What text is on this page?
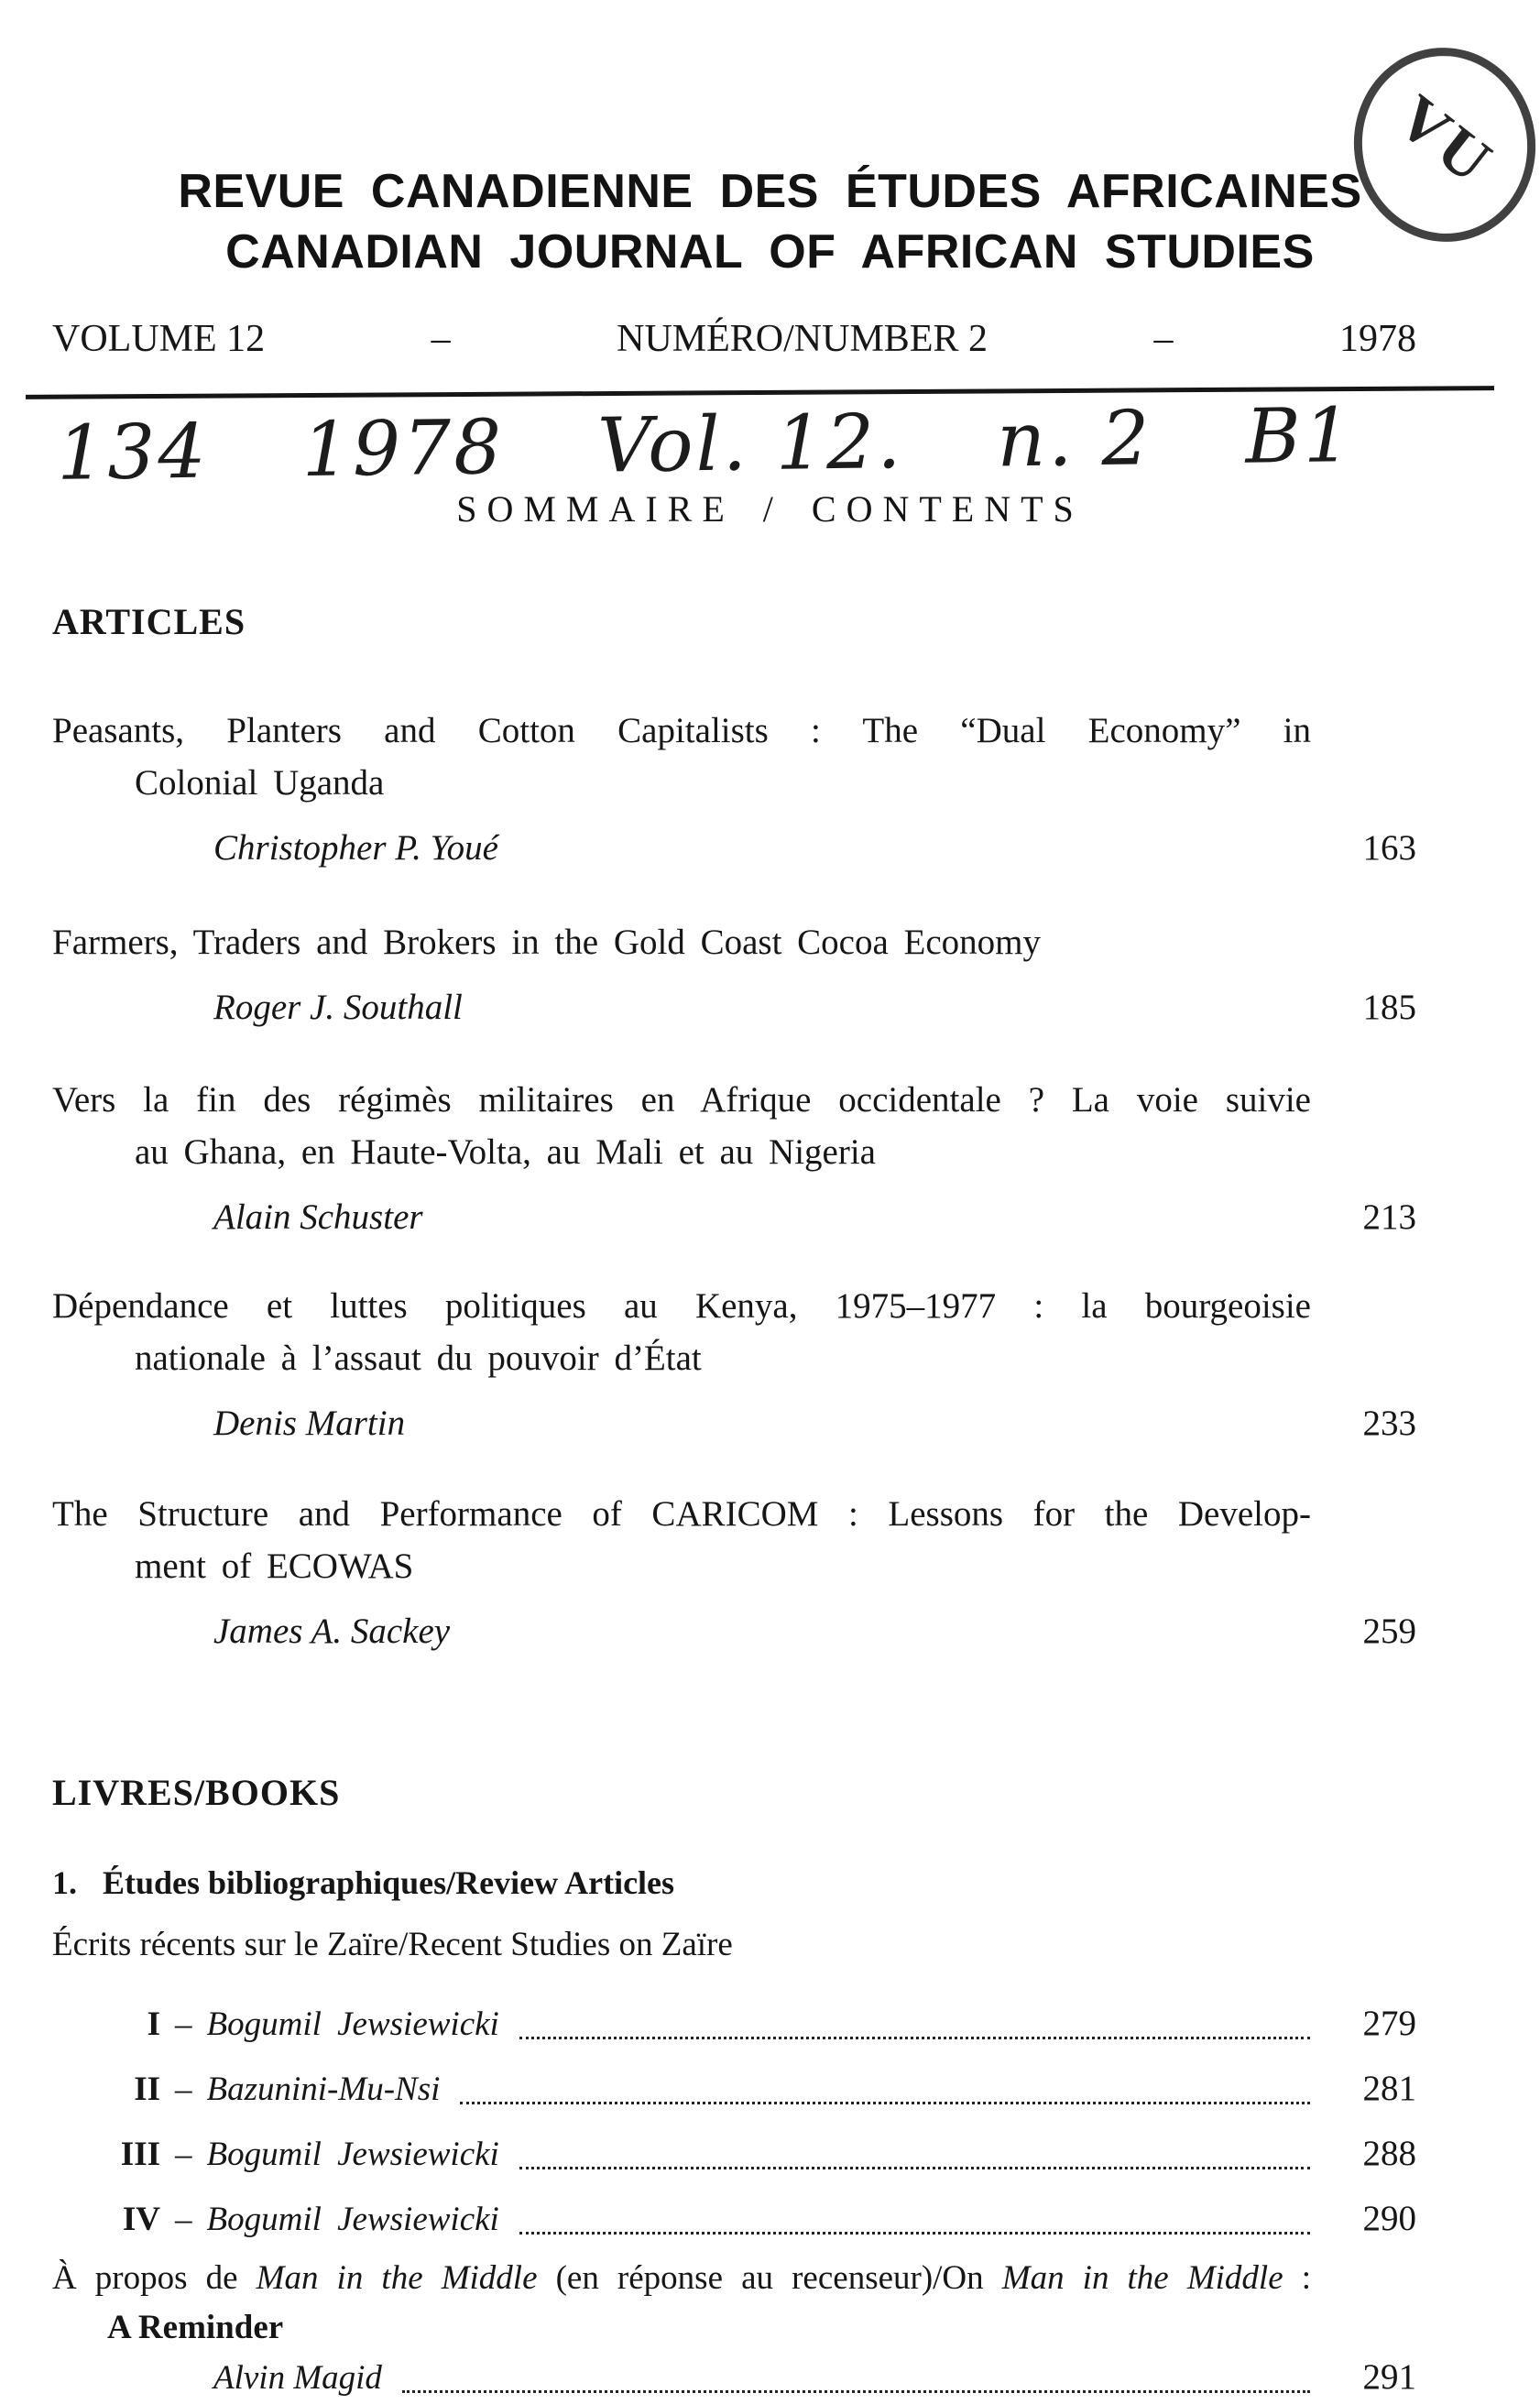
VU
REVUE CANADIENNE DES ÉTUDES AFRICAINES
CANADIAN JOURNAL OF AFRICAN STUDIES
VOLUME 12	–	NUMÉRO/NUMBER 2	–	1978
134 1978 Vol. 12. n. 2 B1
SOMMAIRE / CONTENTS
ARTICLES
Peasants, Planters and Cotton Capitalists : The “Dual Economy” in
Colonial Uganda
Christopher P. Youé	163
Farmers, Traders and Brokers in the Gold Coast Cocoa Economy
Roger J. Southall	185
Vers la fin des régimès militaires en Afrique occidentale ? La voie suivie
au Ghana, en Haute-Volta, au Mali et au Nigeria
Alain Schuster	213
Dépendance et luttes politiques au Kenya, 1975–1977 : la bourgeoisie
nationale à l’assaut du pouvoir d’État
Denis Martin	233
The Structure and Performance of CARICOM : Lessons for the Develop-
ment of ECOWAS
James A. Sackey	259
LIVRES/BOOKS
1. Études bibliographiques/Review Articles
Écrits récents sur le Zaïre/Recent Studies on Zaïre
I – Bogumil Jewsiewicki	279
II – Bazunini-Mu-Nsi	281
III – Bogumil Jewsiewicki	288
IV – Bogumil Jewsiewicki	290
À propos de Man in the Middle (en réponse au recenseur)/On Man in the Middle :
A Reminder
Alvin Magid	291
